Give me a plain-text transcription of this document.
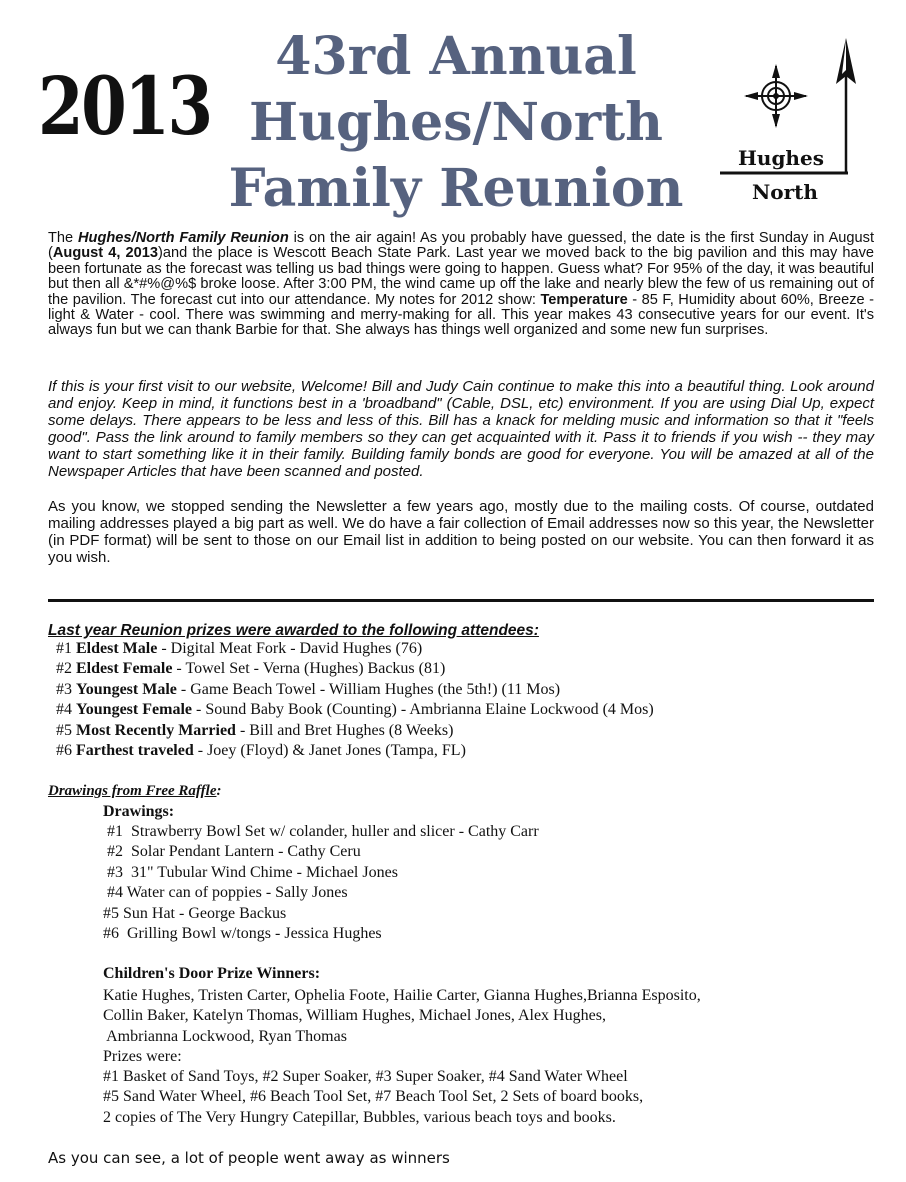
2013
43rd Annual
Hughes/North
Family Reunion	Hughes
North

The Hughes/North Family Reunion is on the air again! As you probably have guessed, the date is the first Sunday in August (August 4, 2013)and the place is Wescott Beach State Park. Last year we moved back to the big pavilion and this may have been fortunate as the forecast was telling us bad things were going to happen. Guess what? For 95% of the day, it was beautiful but then all &*#%@%$ broke loose. After 3:00 PM, the wind came up off the lake and nearly blew the few of us remaining out of the pavilion. The forecast cut into our attendance. My notes for 2012 show: Temperature - 85 F, Humidity about 60%, Breeze - light & Water - cool. There was swimming and merry-making for all. This year makes 43 consecutive years for our event. It's always fun but we can thank Barbie for that. She always has things well organized and some new fun surprises.

If this is your first visit to our website, Welcome! Bill and Judy Cain continue to make this into a beautiful thing. Look around and enjoy. Keep in mind, it functions best in a 'broadband" (Cable, DSL, etc) environment. If you are using Dial Up, expect some delays. There appears to be less and less of this. Bill has a knack for melding music and information so that it "feels good". Pass the link around to family members so they can get acquainted with it. Pass it to friends if you wish -- they may want to start something like it in their family. Building family bonds are good for everyone. You will be amazed at all of the Newspaper Articles that have been scanned and posted.

As you know, we stopped sending the Newsletter a few years ago, mostly due to the mailing costs. Of course, outdated mailing addresses played a big part as well. We do have a fair collection of Email addresses now so this year, the Newsletter (in PDF format) will be sent to those on our Email list in addition to being posted on our website. You can then forward it as you wish.

Last year Reunion prizes were awarded to the following attendees:
#1 Eldest Male - Digital Meat Fork - David Hughes (76)
#2 Eldest Female - Towel Set - Verna (Hughes) Backus (81)
#3 Youngest Male - Game Beach Towel - William Hughes (the 5th!) (11 Mos)
#4 Youngest Female - Sound Baby Book (Counting) - Ambrianna Elaine Lockwood (4 Mos)
#5 Most Recently Married - Bill and Bret Hughes (8 Weeks)
#6 Farthest traveled - Joey (Floyd) & Janet Jones (Tampa, FL)
Drawings from Free Raffle:
Drawings:
#1  Strawberry Bowl Set w/ colander, huller and slicer - Cathy Carr
#2  Solar Pendant Lantern - Cathy Ceru
#3  31" Tubular Wind Chime - Michael Jones
#4 Water can of poppies - Sally Jones
#5 Sun Hat - George Backus
#6  Grilling Bowl w/tongs - Jessica Hughes
Children's Door Prize Winners:
Katie Hughes, Tristen Carter, Ophelia Foote, Hailie Carter, Gianna Hughes,Brianna Esposito,
Collin Baker, Katelyn Thomas, William Hughes, Michael Jones, Alex Hughes,
Ambrianna Lockwood, Ryan Thomas
Prizes were:
#1 Basket of Sand Toys, #2 Super Soaker, #3 Super Soaker, #4 Sand Water Wheel
#5 Sand Water Wheel, #6 Beach Tool Set, #7 Beach Tool Set, 2 Sets of board books,
2 copies of The Very Hungry Catepillar, Bubbles, various beach toys and books.
As you can see, a lot of people went away as winners
